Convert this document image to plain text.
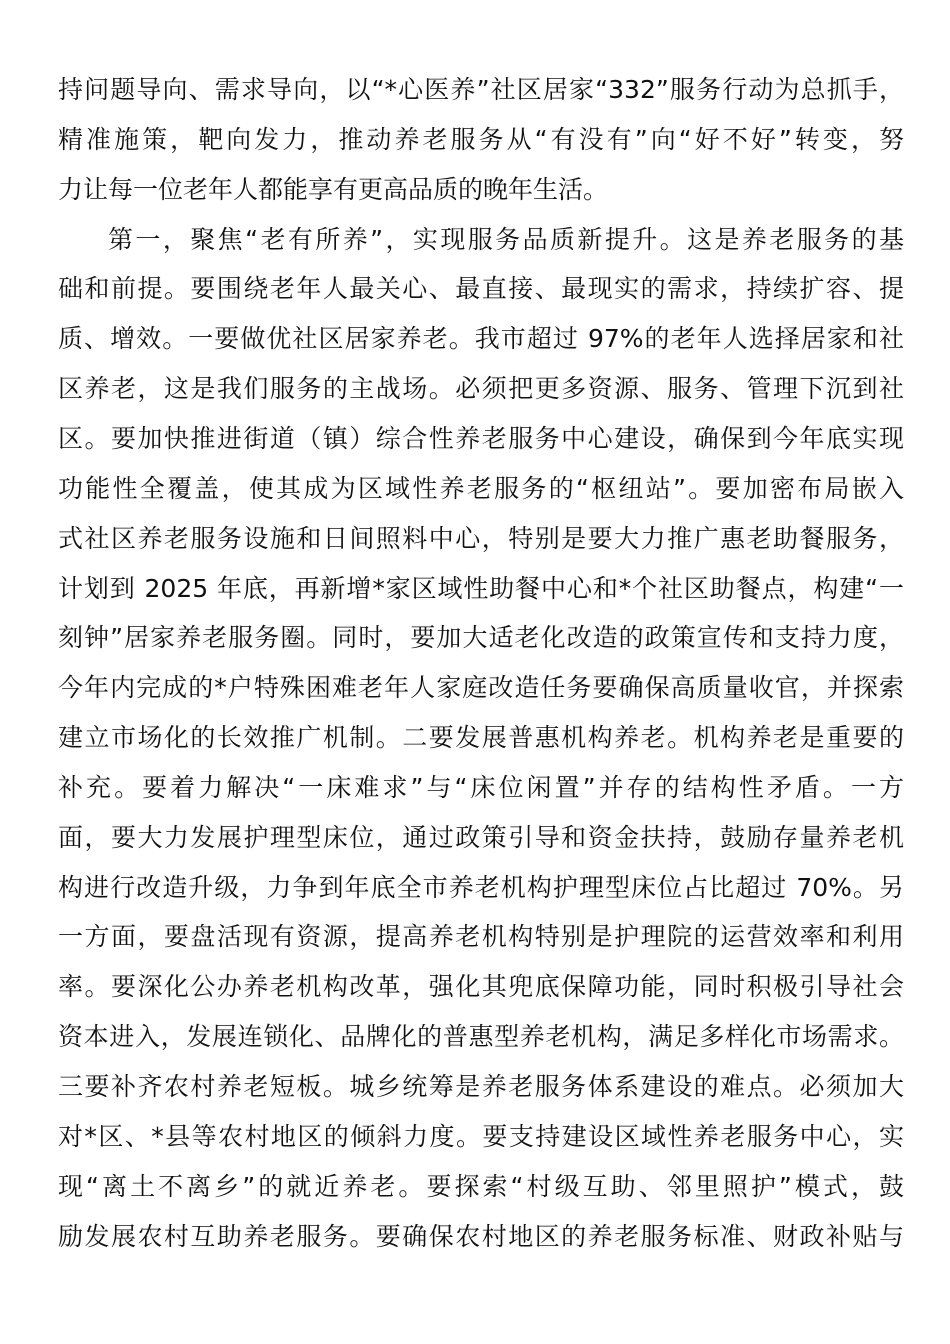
持问题导向、需求导向，以“*心医养”社区居家“332”服务行动为总抓手，
精准施策，靶向发力，推动养老服务从“有没有”向“好不好”转变，努
力让每一位老年人都能享有更高品质的晚年生活。
第一，聚焦“老有所养”，实现服务品质新提升。这是养老服务的基
础和前提。要围绕老年人最关心、最直接、最现实的需求，持续扩容、提
质、增效。一要做优社区居家养老。我市超过 97%的老年人选择居家和社
区养老，这是我们服务的主战场。必须把更多资源、服务、管理下沉到社
区。要加快推进街道（镇）综合性养老服务中心建设，确保到今年底实现
功能性全覆盖，使其成为区域性养老服务的“枢纽站”。要加密布局嵌入
式社区养老服务设施和日间照料中心，特别是要大力推广惠老助餐服务，
计划到 2025 年底，再新增*家区域性助餐中心和*个社区助餐点，构建“一
刻钟”居家养老服务圈。同时，要加大适老化改造的政策宣传和支持力度，
今年内完成的*户特殊困难老年人家庭改造任务要确保高质量收官，并探索
建立市场化的长效推广机制。二要发展普惠机构养老。机构养老是重要的
补充。要着力解决“一床难求”与“床位闲置”并存的结构性矛盾。一方
面，要大力发展护理型床位，通过政策引导和资金扶持，鼓励存量养老机
构进行改造升级，力争到年底全市养老机构护理型床位占比超过 70%。另
一方面，要盘活现有资源，提高养老机构特别是护理院的运营效率和利用
率。要深化公办养老机构改革，强化其兜底保障功能，同时积极引导社会
资本进入，发展连锁化、品牌化的普惠型养老机构，满足多样化市场需求。
三要补齐农村养老短板。城乡统筹是养老服务体系建设的难点。必须加大
对*区、*县等农村地区的倾斜力度。要支持建设区域性养老服务中心，实
现“离土不离乡”的就近养老。要探索“村级互助、邻里照护”模式，鼓
励发展农村互助养老服务。要确保农村地区的养老服务标准、财政补贴与
